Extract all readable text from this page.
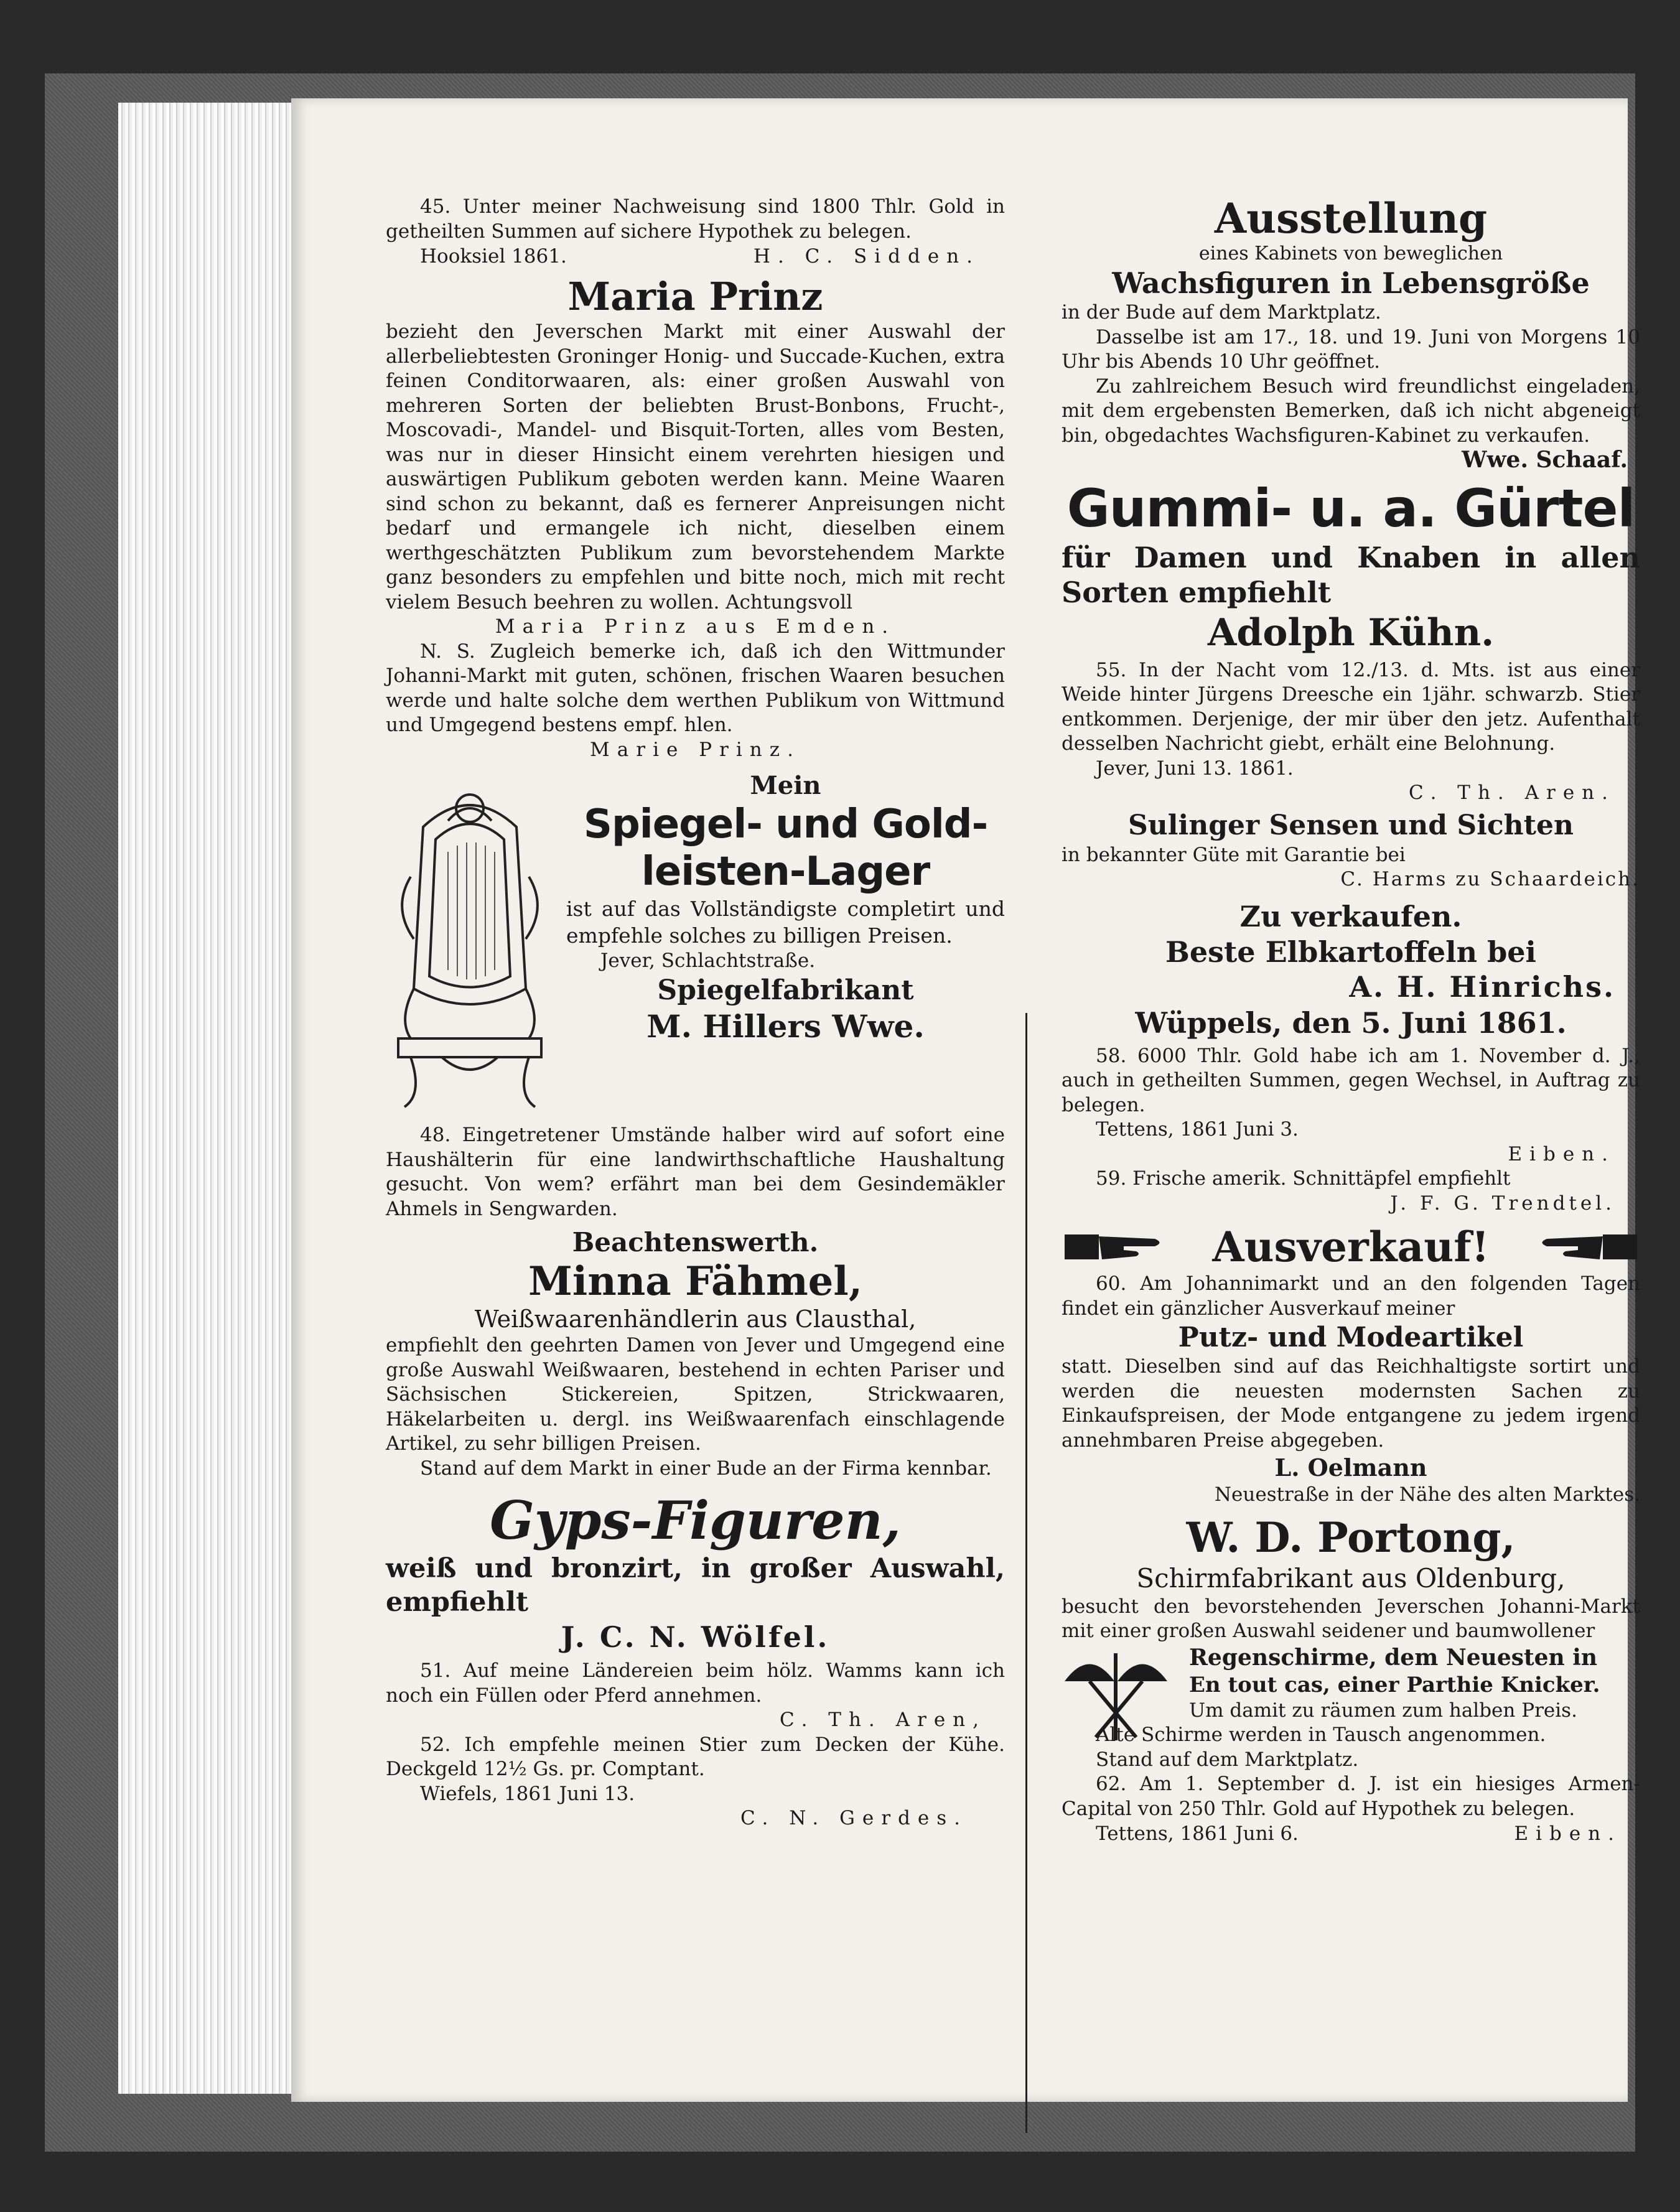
45. Unter meiner Nachweisung sind 1800 Thlr. Gold in getheilten Summen auf sichere Hypothek zu belegen.

Hooksiel 1861.	H. C. Sidden.

Maria Prinz

bezieht den Jeverschen Markt mit einer Auswahl der allerbeliebtesten Groninger Honig- und Succade-Kuchen, extra feinen Conditorwaaren, als: einer großen Auswahl von mehreren Sorten der beliebten Brust-Bonbons, Frucht-, Moscovadi-, Mandel- und Bisquit-Torten, alles vom Besten, was nur in dieser Hinsicht einem verehrten hiesigen und auswärtigen Publikum geboten werden kann. Meine Waaren sind schon zu bekannt, daß es fernerer Anpreisungen nicht bedarf und ermangele ich nicht, dieselben einem werthgeschätzten Publikum zum bevorstehendem Markte ganz besonders zu empfehlen und bitte noch, mich mit recht vielem Besuch beehren zu wollen. Achtungsvoll

Maria Prinz aus Emden.

N. S. Zugleich bemerke ich, daß ich den Wittmunder Johanni-Markt mit guten, schönen, frischen Waaren besuchen werde und halte solche dem werthen Publikum von Wittmund und Umgegend bestens empf. hlen.

Marie Prinz.

Mein

Spiegel- und Gold-

leisten-Lager

ist auf das Vollständigste completirt und empfehle solches zu billigen Preisen.

Jever, Schlachtstraße.

Spiegelfabrikant

M. Hillers Wwe.

48. Eingetretener Umstände halber wird auf sofort eine Haushälterin für eine landwirthschaftliche Haushaltung gesucht. Von wem? erfährt man bei dem Gesindemäkler Ahmels in Sengwarden.

Beachtenswerth.

Minna Fähmel,

Weißwaarenhändlerin aus Clausthal,

empfiehlt den geehrten Damen von Jever und Umgegend eine große Auswahl Weißwaaren, bestehend in echten Pariser und Sächsischen Stickereien, Spitzen, Strickwaaren, Häkelarbeiten u. dergl. ins Weißwaarenfach einschlagende Artikel, zu sehr billigen Preisen.

Stand auf dem Markt in einer Bude an der Firma kennbar.

Gyps-Figuren,

weiß und bronzirt, in großer Auswahl, empfiehlt

J. C. N. Wölfel.

51. Auf meine Ländereien beim hölz. Wamms kann ich noch ein Füllen oder Pferd annehmen.

C. Th. Aren,

52. Ich empfehle meinen Stier zum Decken der Kühe. Deckgeld 12½ Gs. pr. Comptant.

Wiefels, 1861 Juni 13.

C. N. Gerdes.

Ausstellung

eines Kabinets von beweglichen

Wachsfiguren in Lebensgröße

in der Bude auf dem Marktplatz.

Dasselbe ist am 17., 18. und 19. Juni von Morgens 10 Uhr bis Abends 10 Uhr geöffnet.

Zu zahlreichem Besuch wird freundlichst eingeladen, mit dem ergebensten Bemerken, daß ich nicht abgeneigt bin, obgedachtes Wachsfiguren-Kabinet zu verkaufen.

Wwe. Schaaf.

Gummi- u. a. Gürtel

für Damen und Knaben in allen Sorten empfiehlt

Adolph Kühn.

55. In der Nacht vom 12./13. d. Mts. ist aus einer Weide hinter Jürgens Dreesche ein 1jähr. schwarzb. Stier entkommen. Derjenige, der mir über den jetz. Aufenthalt desselben Nachricht giebt, erhält eine Belohnung.

Jever, Juni 13. 1861.

C. Th. Aren.

Sulinger Sensen und Sichten

in bekannter Güte mit Garantie bei

C. Harms zu Schaardeich.

Zu verkaufen.

Beste Elbkartoffeln bei

A. H. Hinrichs.

Wüppels, den 5. Juni 1861.

58. 6000 Thlr. Gold habe ich am 1. November d. J., auch in getheilten Summen, gegen Wechsel, in Auftrag zu belegen.

Tettens, 1861 Juni 3.

Eiben.

59. Frische amerik. Schnittäpfel empfiehlt

J. F. G. Trendtel.

Ausverkauf!

60. Am Johannimarkt und an den folgenden Tagen findet ein gänzlicher Ausverkauf meiner

Putz- und Modeartikel

statt. Dieselben sind auf das Reichhaltigste sortirt und werden die neuesten modernsten Sachen zu Einkaufspreisen, der Mode entgangene zu jedem irgend annehmbaren Preise abgegeben.

L. Oelmann

Neuestraße in der Nähe des alten Marktes.

W. D. Portong,

Schirmfabrikant aus Oldenburg,

besucht den bevorstehenden Jeverschen Johanni-Markt mit einer großen Auswahl seidener und baumwollener

Regenschirme, dem Neuesten in

En tout cas, einer Parthie Knicker.

Um damit zu räumen zum halben Preis.

Alte Schirme werden in Tausch angenommen.

Stand auf dem Marktplatz.

62. Am 1. September d. J. ist ein hiesiges Armen-Capital von 250 Thlr. Gold auf Hypothek zu belegen.

Tettens, 1861 Juni 6.	Eiben.
